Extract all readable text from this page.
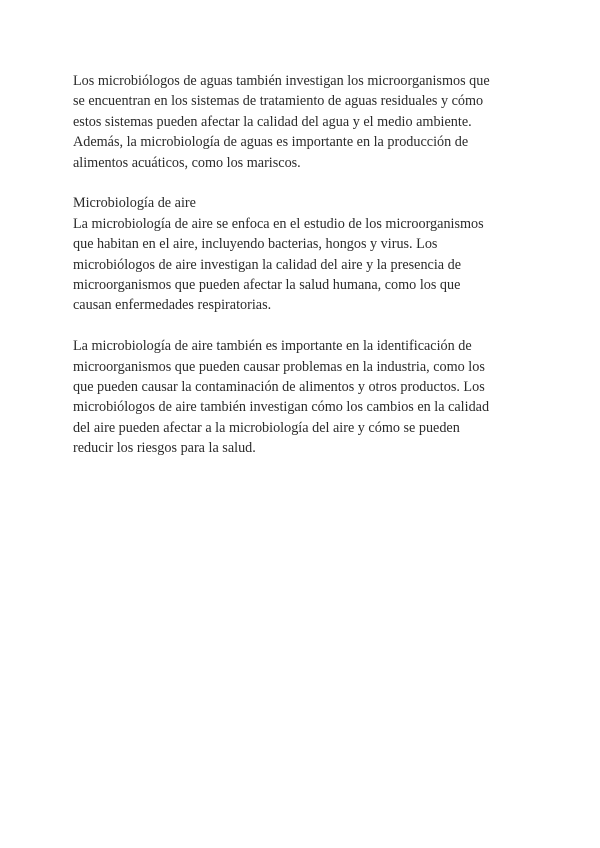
Los microbiólogos de aguas también investigan los microorganismos que
se encuentran en los sistemas de tratamiento de aguas residuales y cómo
estos sistemas pueden afectar la calidad del agua y el medio ambiente.
Además, la microbiología de aguas es importante en la producción de
alimentos acuáticos, como los mariscos.

Microbiología de aire

La microbiología de aire se enfoca en el estudio de los microorganismos
que habitan en el aire, incluyendo bacterias, hongos y virus. Los
microbiólogos de aire investigan la calidad del aire y la presencia de
microorganismos que pueden afectar la salud humana, como los que
causan enfermedades respiratorias.

La microbiología de aire también es importante en la identificación de
microorganismos que pueden causar problemas en la industria, como los
que pueden causar la contaminación de alimentos y otros productos. Los
microbiólogos de aire también investigan cómo los cambios en la calidad
del aire pueden afectar a la microbiología del aire y cómo se pueden
reducir los riesgos para la salud.
